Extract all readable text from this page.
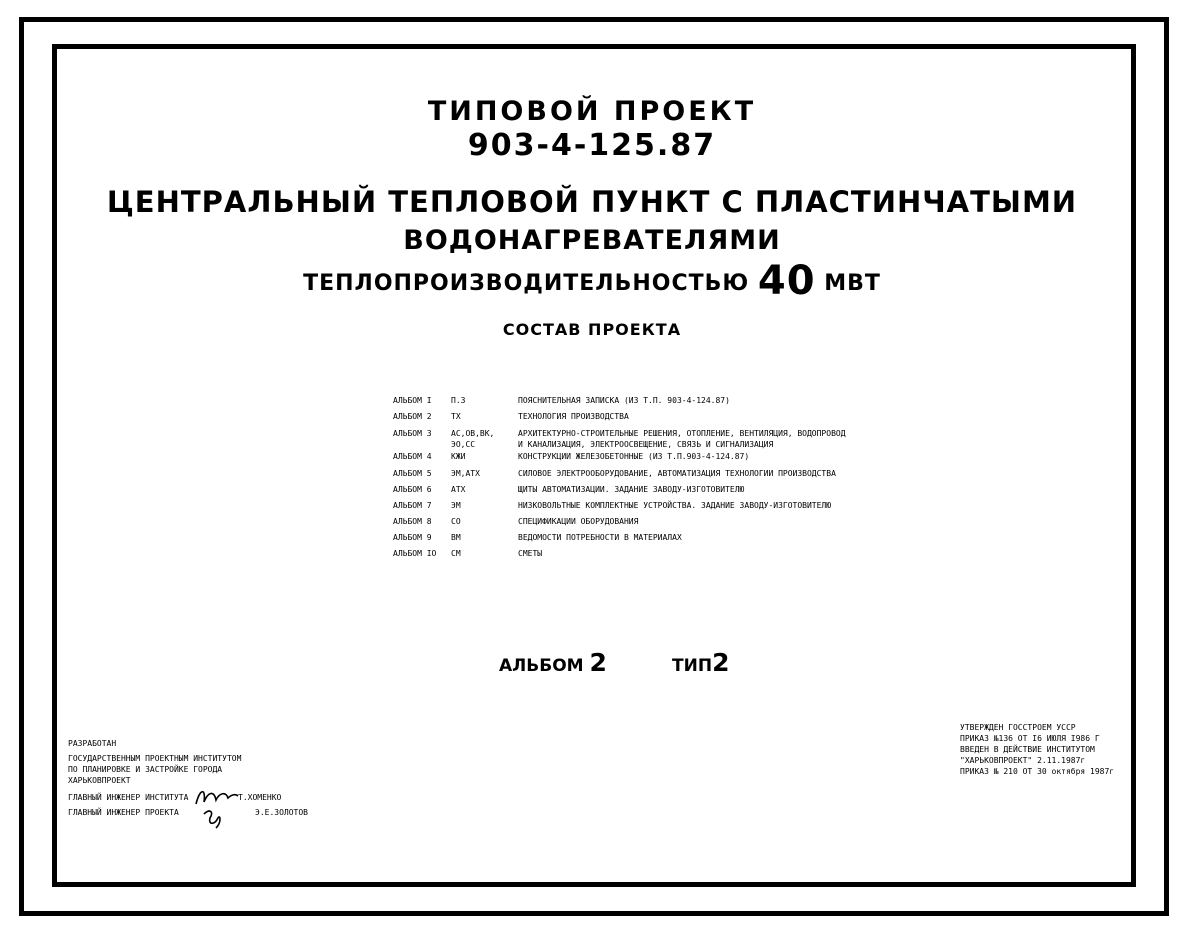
ТИПОВОЙ ПРОЕКТ
903-4-125.87
ЦЕНТРАЛЬНЫЙ ТЕПЛОВОЙ ПУНКТ С ПЛАСТИНЧАТЫМИ
ВОДОНАГРЕВАТЕЛЯМИ
ТЕПЛОПРОИЗВОДИТЕЛЬНОСТЬЮ 40 МВТ
СОСТАВ ПРОЕКТА
АЛЬБОМ I	П.З	ПОЯСНИТЕЛЬНАЯ ЗАПИСКА (ИЗ Т.П. 903-4-124.87)
АЛЬБОМ 2	ТХ	ТЕХНОЛОГИЯ ПРОИЗВОДСТВА
АЛЬБОМ 3	АС,ОВ,ВК,	АРХИТЕКТУРНО-СТРОИТЕЛЬНЫЕ РЕШЕНИЯ, ОТОПЛЕНИЕ, ВЕНТИЛЯЦИЯ, ВОДОПРОВОД
ЭО,СС	И КАНАЛИЗАЦИЯ, ЭЛЕКТРООСВЕЩЕНИЕ, СВЯЗЬ И СИГНАЛИЗАЦИЯ
АЛЬБОМ 4	КЖИ	КОНСТРУКЦИИ ЖЕЛЕЗОБЕТОННЫЕ (ИЗ Т.П.903-4-124.87)
АЛЬБОМ 5	ЭМ,АТХ	СИЛОВОЕ ЭЛЕКТРООБОРУДОВАНИЕ, АВТОМАТИЗАЦИЯ ТЕХНОЛОГИИ ПРОИЗВОДСТВА
АЛЬБОМ 6	АТХ	ЩИТЫ АВТОМАТИЗАЦИИ. ЗАДАНИЕ ЗАВОДУ-ИЗГОТОВИТЕЛЮ
АЛЬБОМ 7	ЭМ	НИЗКОВОЛЬТНЫЕ КОМПЛЕКТНЫЕ УСТРОЙСТВА. ЗАДАНИЕ ЗАВОДУ-ИЗГОТОВИТЕЛЮ
АЛЬБОМ 8	СО	СПЕЦИФИКАЦИИ ОБОРУДОВАНИЯ
АЛЬБОМ 9	ВМ	ВЕДОМОСТИ ПОТРЕБНОСТИ В МАТЕРИАЛАХ
АЛЬБОМ IO	СМ	СМЕТЫ
АЛЬБОМ 2	ТИП2
РАЗРАБОТАН
ГОСУДАРСТВЕННЫМ ПРОЕКТНЫМ ИНСТИТУТОМ
ПО ПЛАНИРОВКЕ И ЗАСТРОЙКЕ ГОРОДА
ХАРЬКОВПРОЕКТ
ГЛАВНЫЙ ИНЖЕНЕР ИНСТИТУТА	Т.ХОМЕНКО
ГЛАВНЫЙ ИНЖЕНЕР ПРОЕКТА	Э.Е.ЗОЛОТОВ
УТВЕРЖДЕН ГОССТРОЕМ УССР
ПРИКАЗ №136 ОТ I6 ИЮЛЯ I986 Г
ВВЕДЕН В ДЕЙСТВИЕ ИНСТИТУТОМ
"ХАРЬКОВПРОЕКТ" 2.11.1987г
ПРИКАЗ № 210 ОТ 30 октября 1987г
